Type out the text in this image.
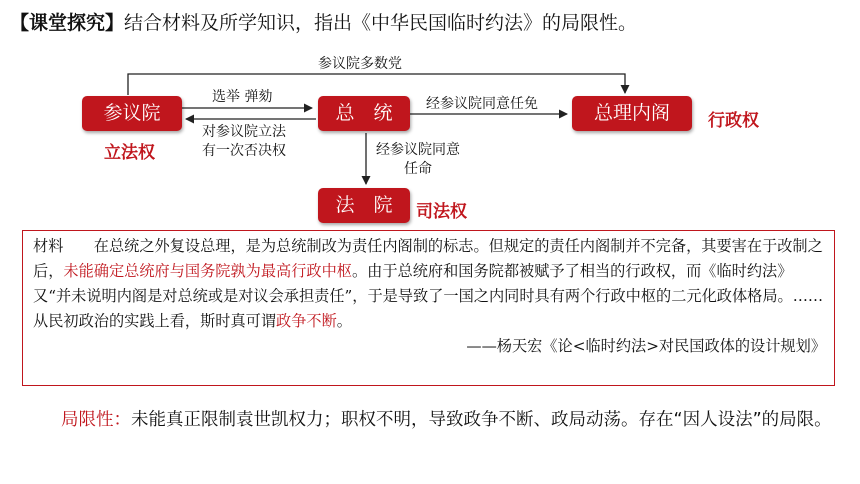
【课堂探究】结合材料及所学知识，指出《中华民国临时约法》的局限性。
参议院	总　统	总理内阁
法　院
立法权
行政权
司法权
参议院多数党
选举 弹劾
对参议院立法
有一次否决权
经参议院同意任免
经参议院同意
任命
材料　　 在总统之外复设总理，是为总统制改为责任内阁制的标志。但规定的责任内阁制并不完备，其要害在于改制之后，未能确定总统府与国务院孰为最高行政中枢。由于总统府和国务院都被赋予了相当的行政权，而《临时约法》又“并未说明内阁是对总统或是对议会承担责任”，于是导致了一国之内同时具有两个行政中枢的二元化政体格局。……从民初政治的实践上看，斯时真可谓政争不断。
——杨天宏《论<临时约法>对民国政体的设计规划》
　　局限性：未能真正限制袁世凯权力；职权不明，导致政争不断、政局动荡。存在“因人设法”的局限。
